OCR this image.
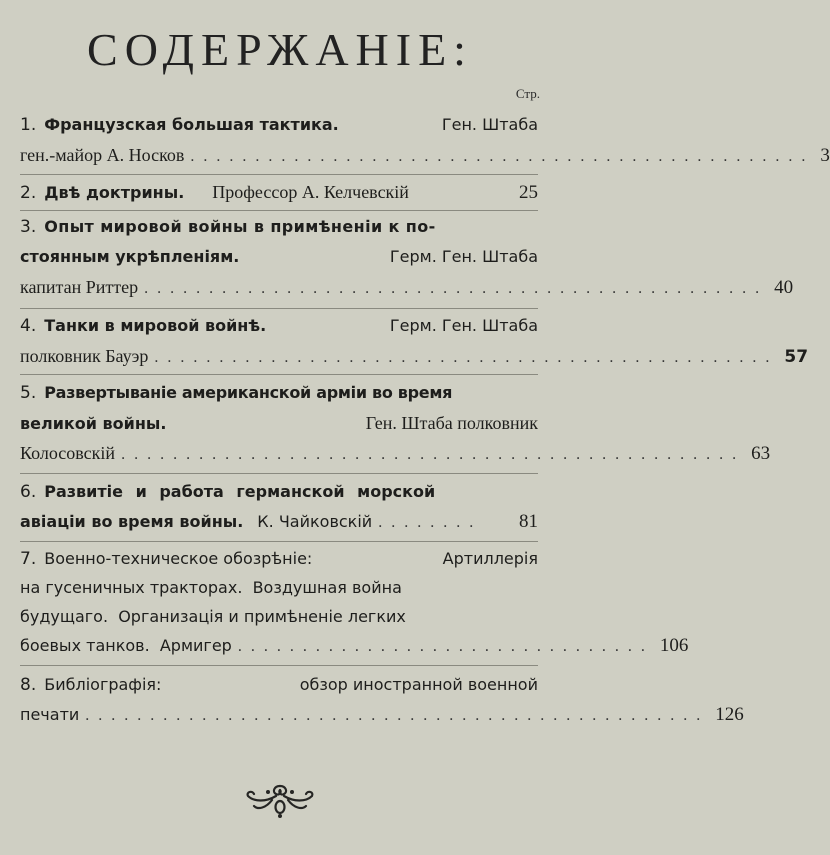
СОДЕРЖАНІЕ:
Стр.
1. Французская большая тактика.	Ген. Штаба
ген.-майор А. Носков ................................................ 3
2. Двѣ доктрины. Профессор А. Келчевскій	25
3. Опыт мировой войны в примѣненіи к по-
стоянным укрѣпленіям.	Герм. Ген. Штаба
капитан Риттер ................................................ 40
4. Танки в мировой войнѣ.	Герм. Ген. Штаба
полковник Бауэр ................................................ 57
5. Развертываніе американской арміи во время
великой войны.	Ген. Штаба полковник
Колосовскій ................................................ 63
6. Развитіе и работа германской морской
авіаціи во время войны. К. Чайковскій ........	81
7. Военно-техническое обозрѣніе:	Артиллерія
на гусеничных тракторах.  Воздушная война
будущаго.  Организація и примѣненіе легких
боевых танков.  Армигер ................................ 106
8. Библіографія:	обзор иностранной военной
печати ................................................ 126
